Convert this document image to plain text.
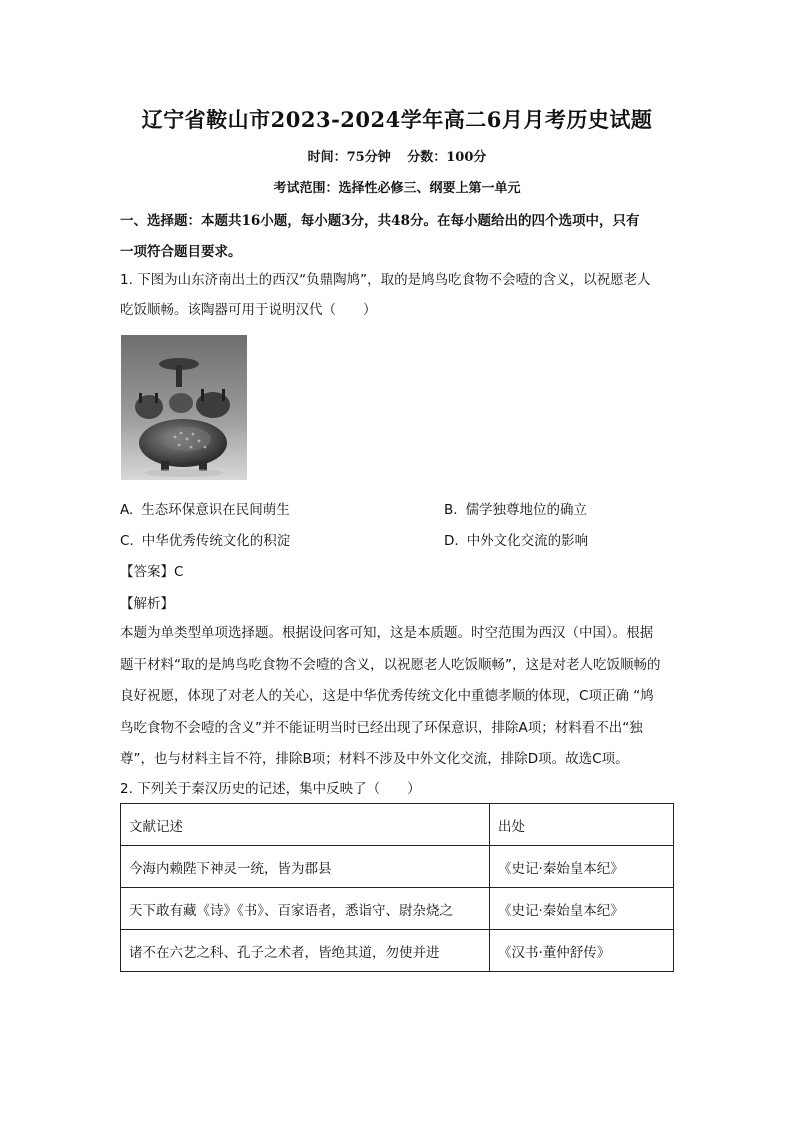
辽宁省鞍山市2023-2024学年高二6月月考历史试题
时间：75分钟 分数：100分
考试范围：选择性必修三、纲要上第一单元
一、选择题：本题共16小题，每小题3分，共48分。在每小题给出的四个选项中，只有
一项符合题目要求。
1. 下图为山东济南出土的西汉“负鼎陶鸠”，取的是鸠鸟吃食物不会噎的含义，以祝愿老人
吃饭顺畅。该陶器可用于说明汉代（　　）
A. 生态环保意识在民间萌生	B. 儒学独尊地位的确立
C. 中华优秀传统文化的积淀	D. 中外文化交流的影响
【答案】C
【解析】
本题为单类型单项选择题。根据设问客可知，这是本质题。时空范围为西汉（中国）。根据
题干材料“取的是鸠鸟吃食物不会噎的含义，以祝愿老人吃饭顺畅”，这是对老人吃饭顺畅的
良好祝愿，体现了对老人的关心，这是中华优秀传统文化中重德孝顺的体现，C项正确 “鸠
鸟吃食物不会噎的含义”并不能证明当时已经出现了环保意识，排除A项；材料看不出“独
尊”，也与材料主旨不符，排除B项；材料不涉及中外文化交流，排除D项。故选C项。
2. 下列关于秦汉历史的记述，集中反映了（　　）
文献记述	出处
今海内赖陛下神灵一统，皆为郡县	《史记·秦始皇本纪》
天下敢有藏《诗》《书》、百家语者，悉诣守、尉杂烧之	《史记·秦始皇本纪》
诸不在六艺之科、孔子之术者，皆绝其道，勿使并进	《汉书·董仲舒传》
